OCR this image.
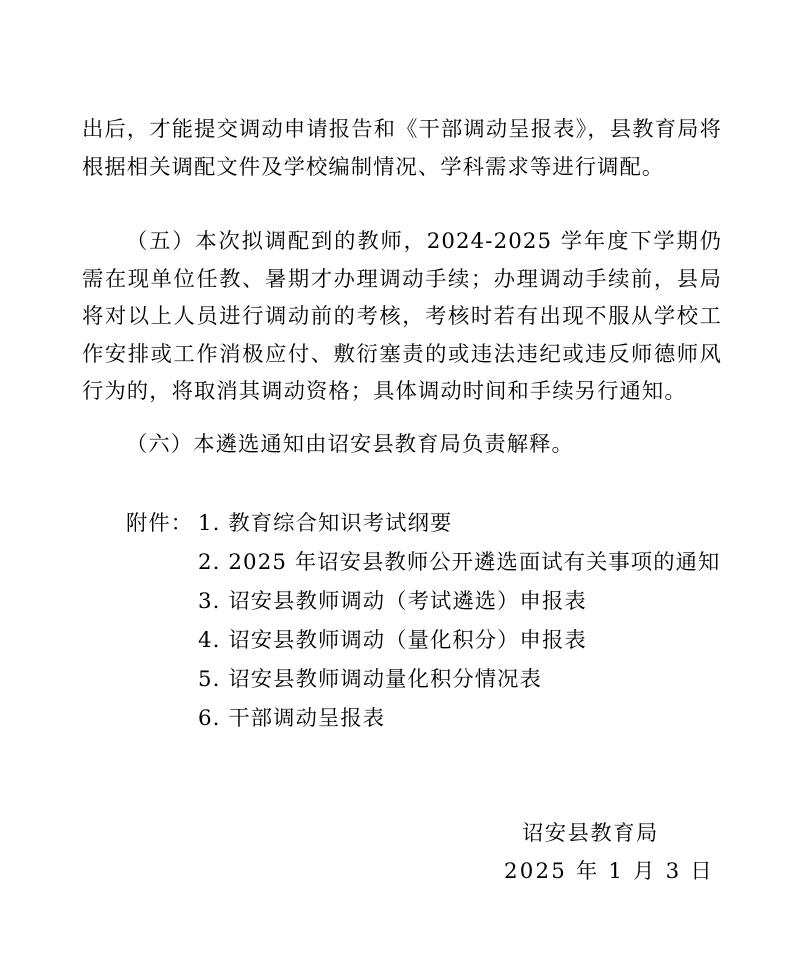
出后，才能提交调动申请报告和《干部调动呈报表》，县教育局将根据相关调配文件及学校编制情况、学科需求等进行调配。

（五）本次拟调配到的教师，2024-2025 学年度下学期仍需在现单位任教、暑期才办理调动手续；办理调动手续前，县局将对以上人员进行调动前的考核，考核时若有出现不服从学校工作安排或工作消极应付、敷衍塞责的或违法违纪或违反师德师风行为的，将取消其调动资格；具体调动时间和手续另行通知。

（六）本遴选通知由诏安县教育局负责解释。

附件： 1. 教育综合知识考试纲要
2. 2025 年诏安县教师公开遴选面试有关事项的通知
3. 诏安县教师调动（考试遴选）申报表
4. 诏安县教师调动（量化积分）申报表
5. 诏安县教师调动量化积分情况表
6. 干部调动呈报表
诏安县教育局
2025 年 1 月 3 日
